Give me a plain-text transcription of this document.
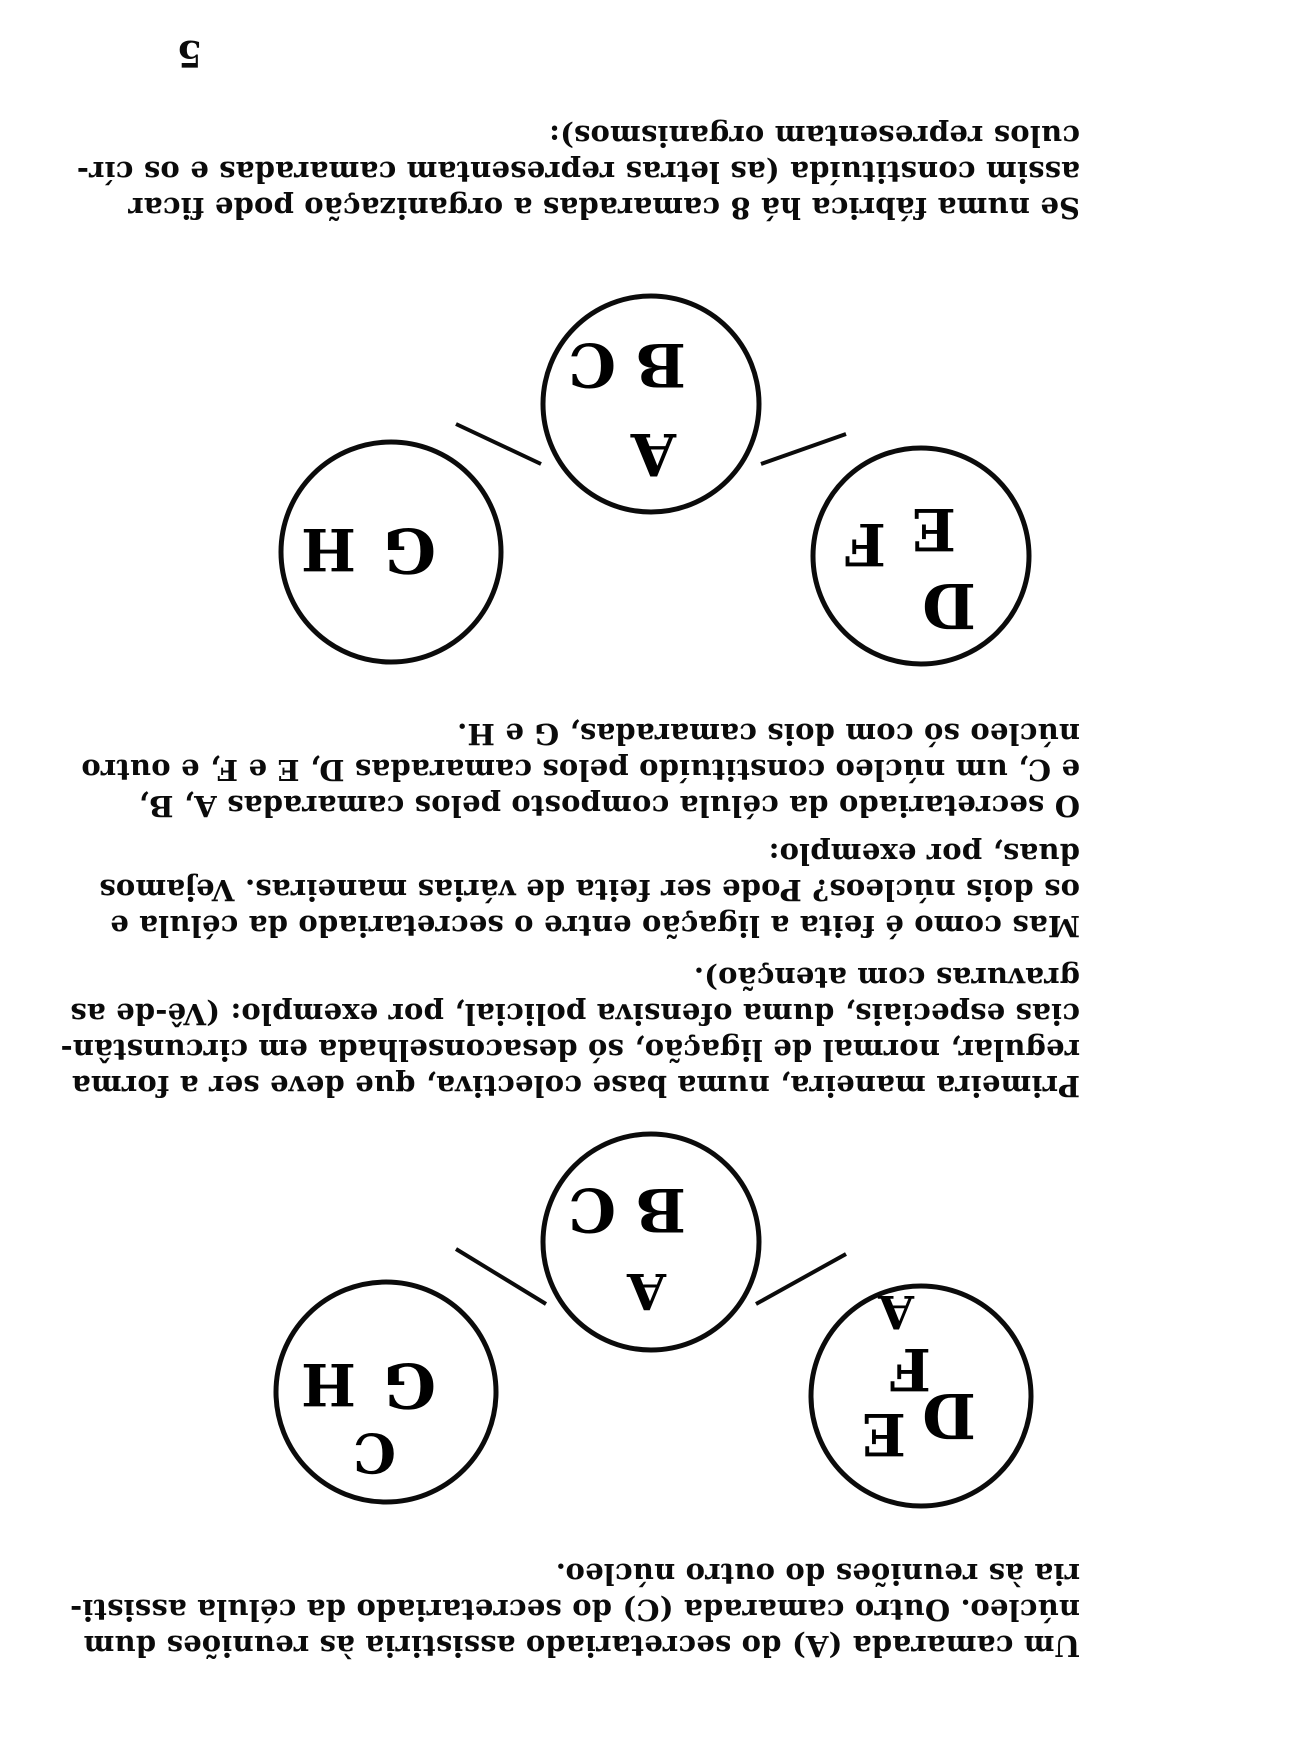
Um camarada (A) do secretariado assistiria às reuniões dum
núcleo. Outro camarada (C) do secretariado da célula assisti-
ria às reuniões do outro núcleo.
D
E
F
A
A
B
C
G
H
C
Primeira maneira, numa base colectiva, que deve ser a forma
regular, normal de ligação, só desaconselhada em circunstân-
cias especiais, duma ofensiva policial, por exemplo: (Vê-de as
gravuras com atenção).
Mas como é feita a ligação entre o secretariado da célula e
os dois núcleos? Pode ser feita de várias maneiras. Vejamos
duas, por exemplo:
O secretariado da célula composto pelos camaradas A, B,
e C, um núcleo constituído pelos camaradas D, E e F, e outro
núcleo só com dois camaradas, G e H.
D
E
F
A
B
C
G
H
Se numa fábrica há 8 camaradas a organização pode ficar
assim constituída (as letras representam camaradas e os cír-
culos representam organismos):
5
